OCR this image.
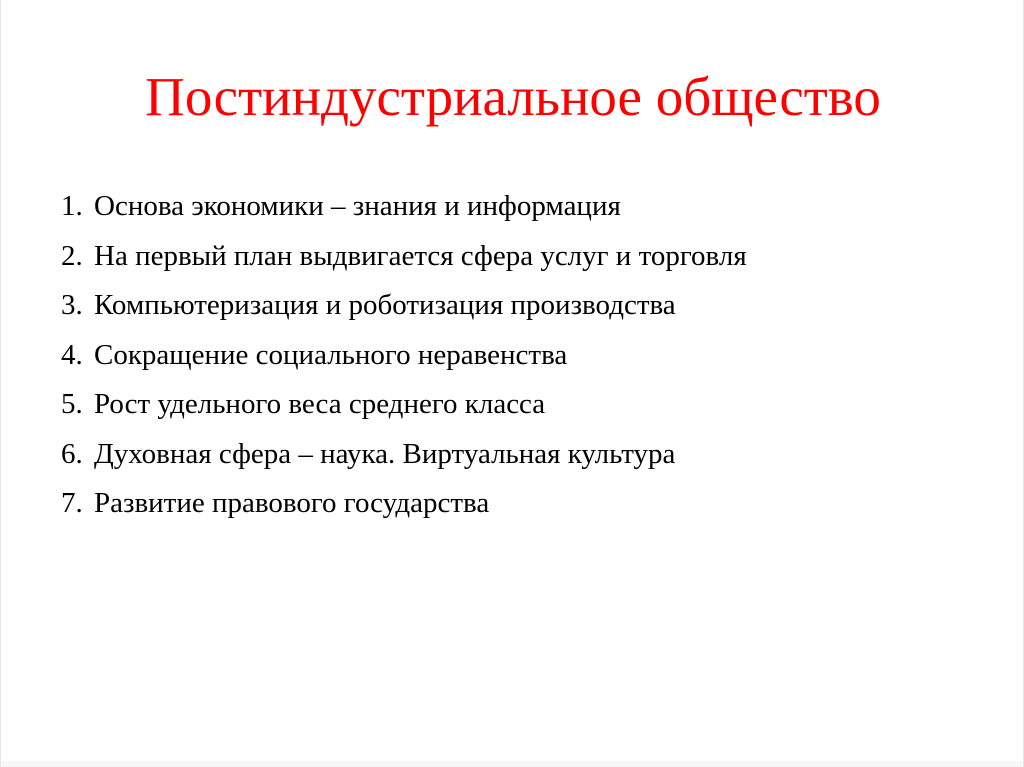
Постиндустриальное общество
1. Основа экономики – знания и информация
2. На первый план выдвигается сфера услуг и торговля
3. Компьютеризация и роботизация производства
4. Сокращение социального неравенства
5. Рост удельного веса среднего класса
6. Духовная сфера – наука. Виртуальная культура
7. Развитие правового государства
